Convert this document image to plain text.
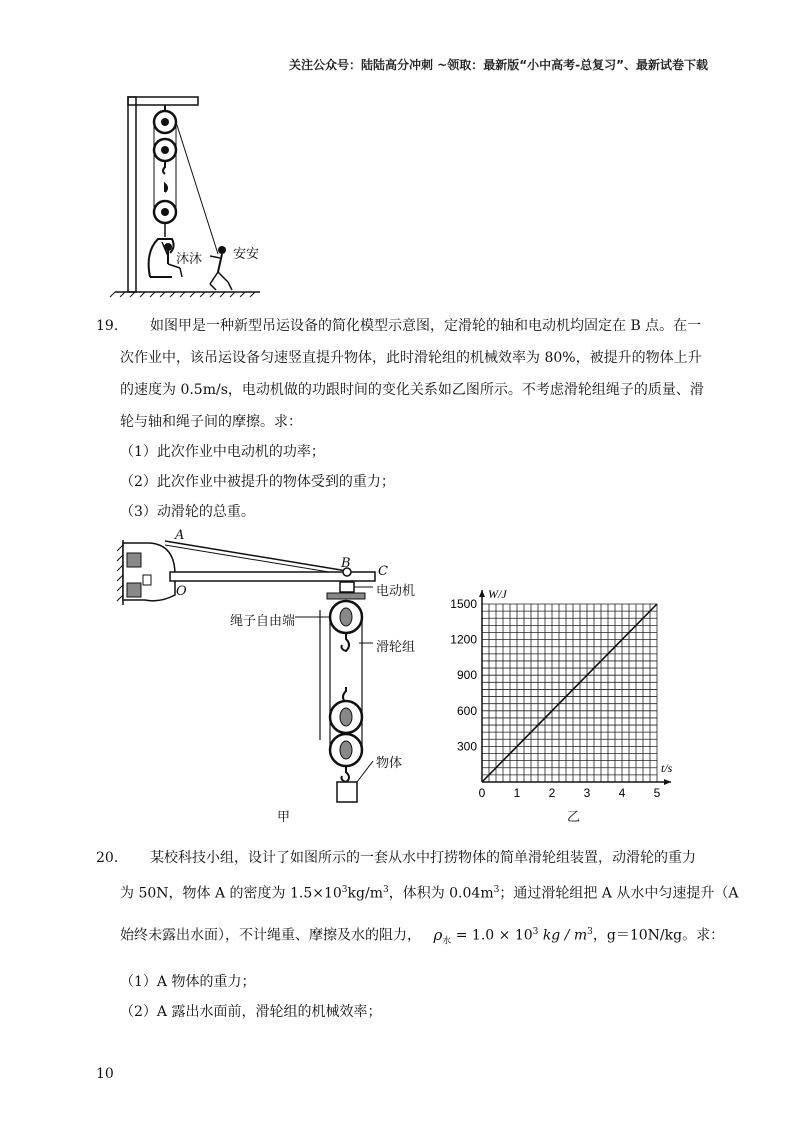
关注公众号：陆陆高分冲刺 ~领取：最新版“小中高考-总复习”、最新试卷下载
沐沐 安安
19. 如图甲是一种新型吊运设备的简化模型示意图，定滑轮的轴和电动机均固定在 B 点。在一
次作业中，该吊运设备匀速竖直提升物体，此时滑轮组的机械效率为 80%，被提升的物体上升
的速度为 0.5m/s，电动机做的功跟时间的变化关系如乙图所示。不考虑滑轮组绳子的质量、滑
轮与轴和绳子间的摩擦。求：
（1）此次作业中电动机的功率；
（2）此次作业中被提升的物体受到的重力；
（3）动滑轮的总重。
A
B
C
O	电动机
绳子自由端
滑轮组
物体
甲
0 1 2 3 4 5
300
600
900
1200
1500
t/s
W/J
乙
20. 某校科技小组，设计了如图所示的一套从水中打捞物体的简单滑轮组装置，动滑轮的重力
为 50N，物体 A 的密度为 $1.5\times 10^3kg/m^3$，体积为 $0.04m^3$；通过滑轮组把 A 从水中匀速提升（A
始终未露出水面），不计绳重、摩擦及水的阻力， $\rho_水 = 1.0 \times 10^3$ kg / $m^3$，g＝10N/kg。求：
（1）A 物体的重力；
（2）A 露出水面前，滑轮组的机械效率；
10
